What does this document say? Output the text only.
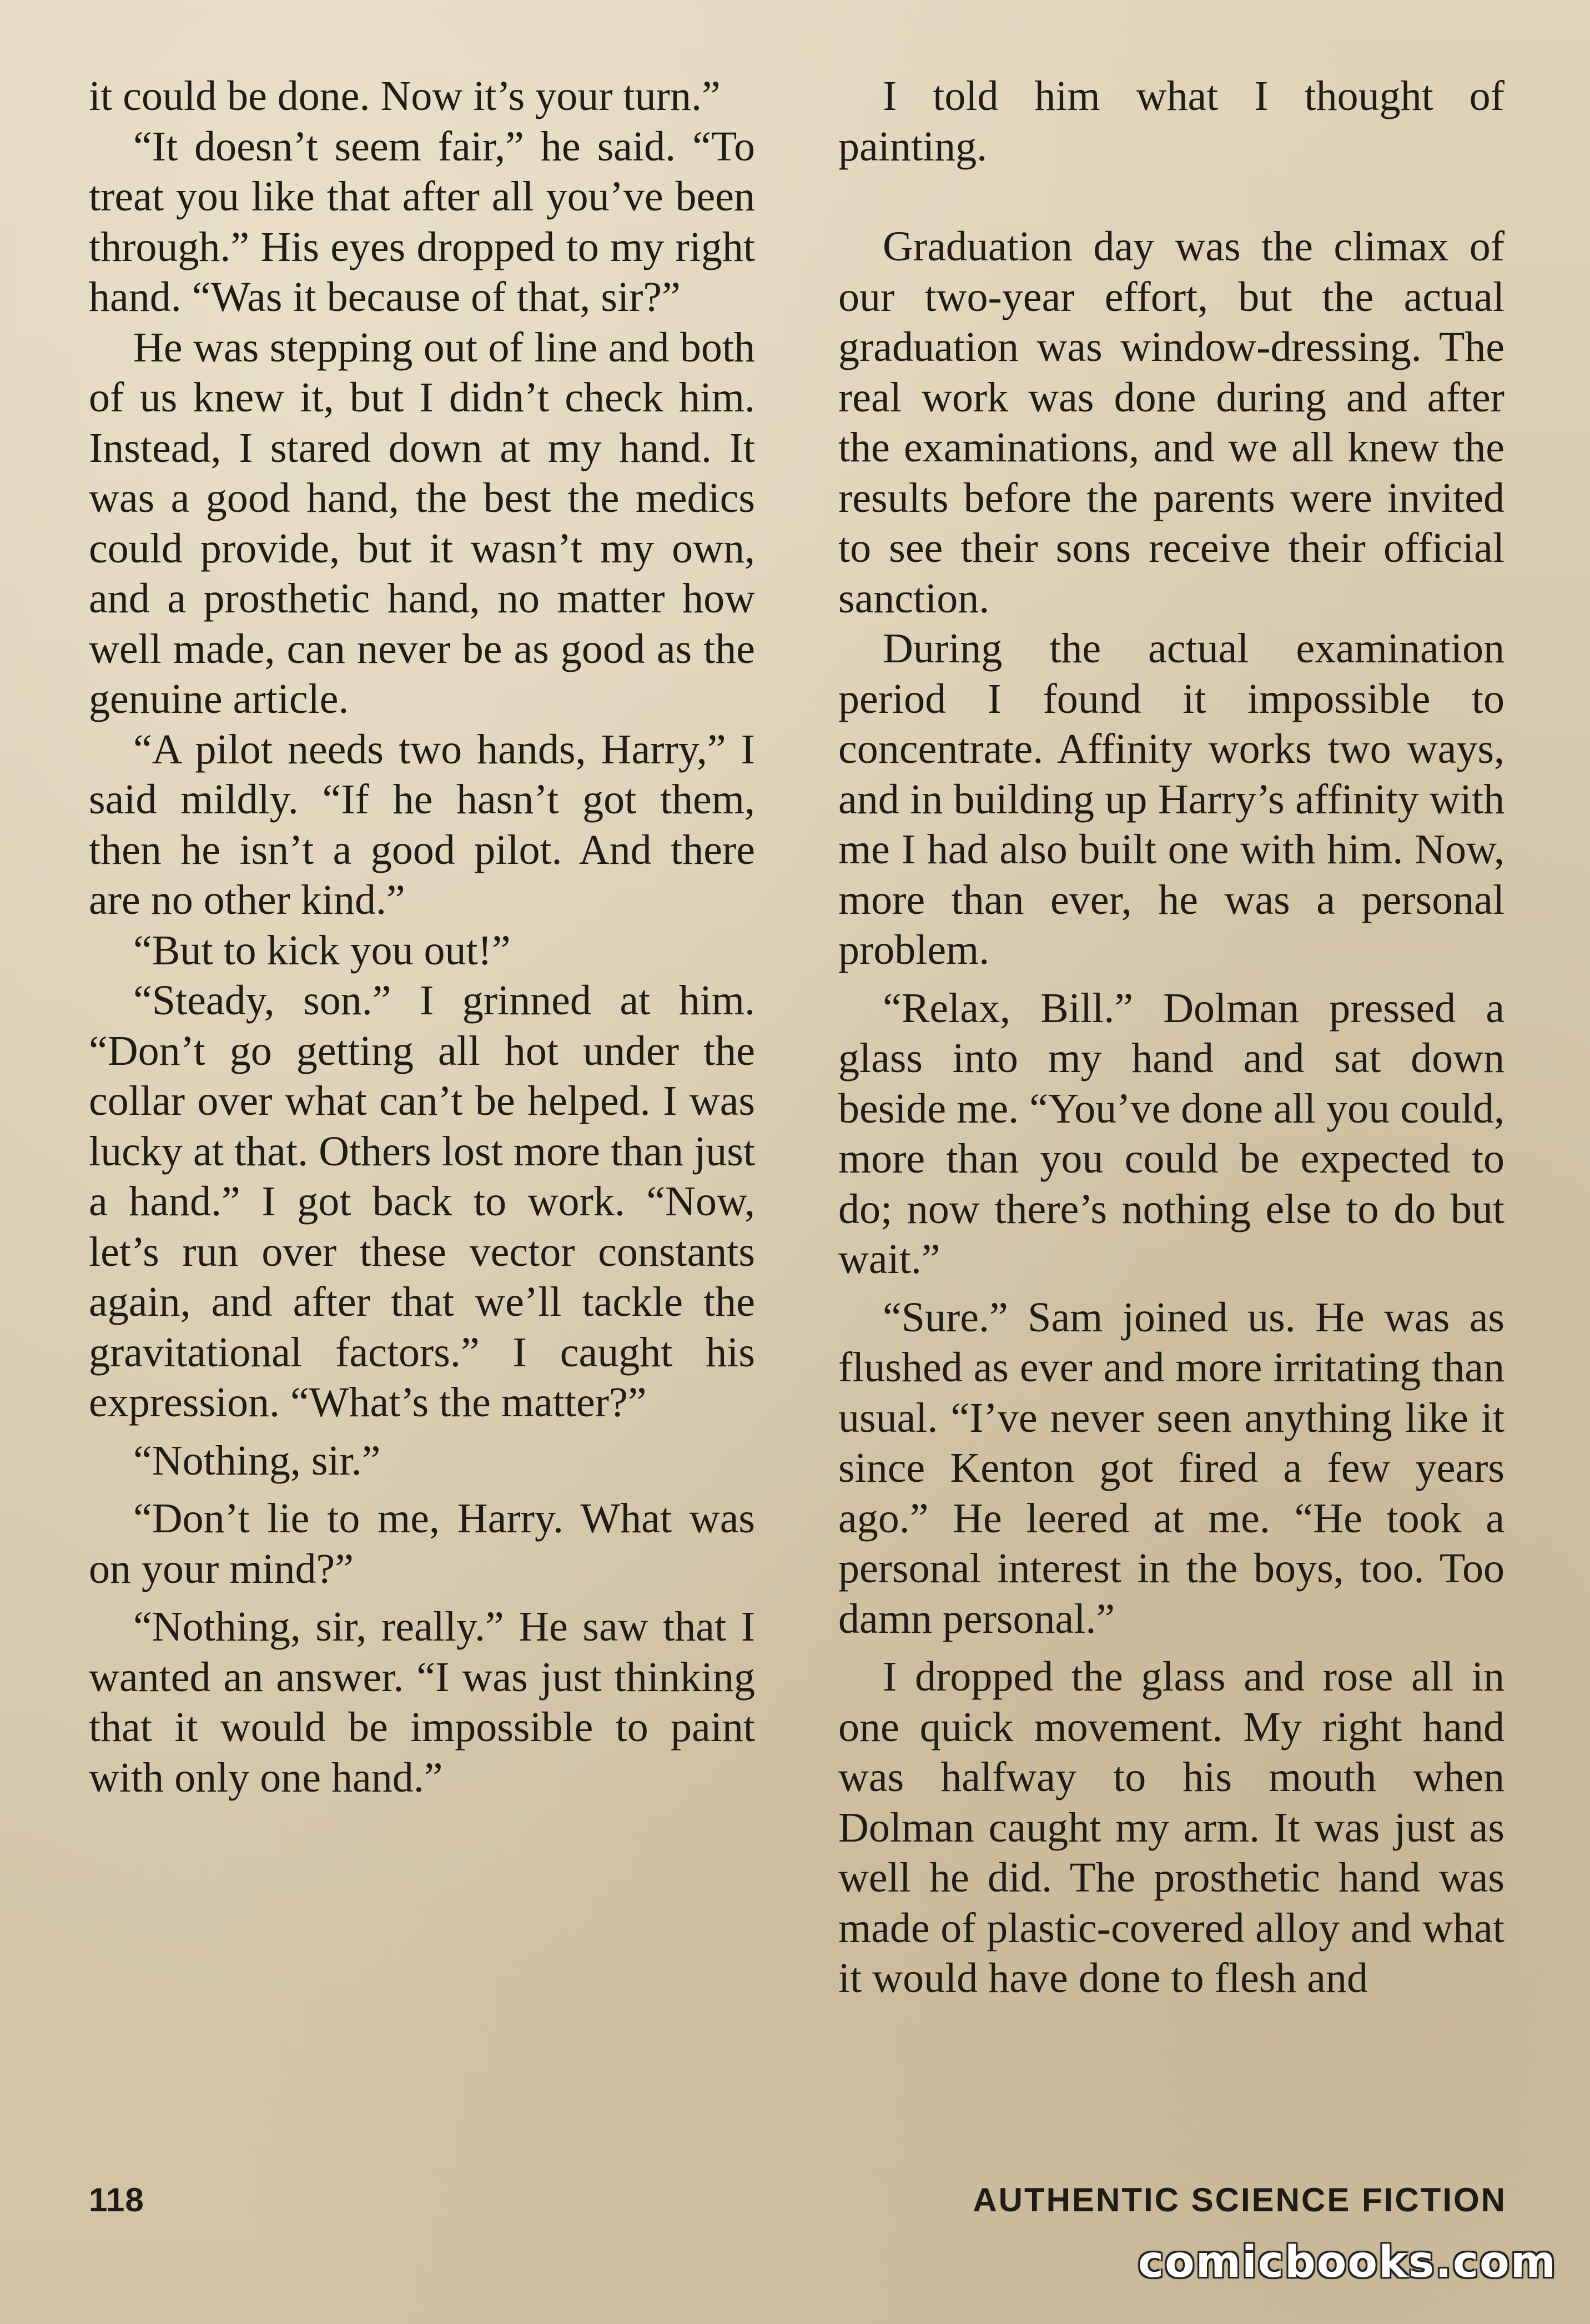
it could be done. Now it’s your turn.”

“It doesn’t seem fair,” he said. “To treat you like that after all you’ve been through.” His eyes dropped to my right hand. “Was it because of that, sir?”

He was stepping out of line and both of us knew it, but I didn’t check him. Instead, I stared down at my hand. It was a good hand, the best the medics could provide, but it wasn’t my own, and a prosthetic hand, no matter how well made, can never be as good as the genuine article.

“A pilot needs two hands, Harry,” I said mildly. “If he hasn’t got them, then he isn’t a good pilot. And there are no other kind.”

“But to kick you out!”

“Steady, son.” I grinned at him. “Don’t go getting all hot under the collar over what can’t be helped. I was lucky at that. Others lost more than just a hand.” I got back to work. “Now, let’s run over these vector constants again, and after that we’ll tackle the gravitational factors.” I caught his expression. “What’s the matter?”

“Nothing, sir.”

“Don’t lie to me, Harry. What was on your mind?”

“Nothing, sir, really.” He saw that I wanted an answer. “I was just thinking that it would be impossible to paint with only one hand.”

I told him what I thought of painting.

Graduation day was the climax of our two-year effort, but the actual graduation was window-dressing. The real work was done during and after the examinations, and we all knew the results before the parents were invited to see their sons receive their official sanction.

During the actual examination period I found it impossible to concentrate. Affinity works two ways, and in building up Harry’s affinity with me I had also built one with him. Now, more than ever, he was a personal problem.

“Relax, Bill.” Dolman pressed a glass into my hand and sat down beside me. “You’ve done all you could, more than you could be expected to do; now there’s nothing else to do but wait.”

“Sure.” Sam joined us. He was as flushed as ever and more irritating than usual. “I’ve never seen anything like it since Kenton got fired a few years ago.” He leered at me. “He took a personal interest in the boys, too. Too damn personal.”

I dropped the glass and rose all in one quick movement. My right hand was halfway to his mouth when Dolman caught my arm. It was just as well he did. The prosthetic hand was made of plastic-covered alloy and what it would have done to flesh and

118	AUTHENTIC SCIENCE FICTION
comicbooks.com
